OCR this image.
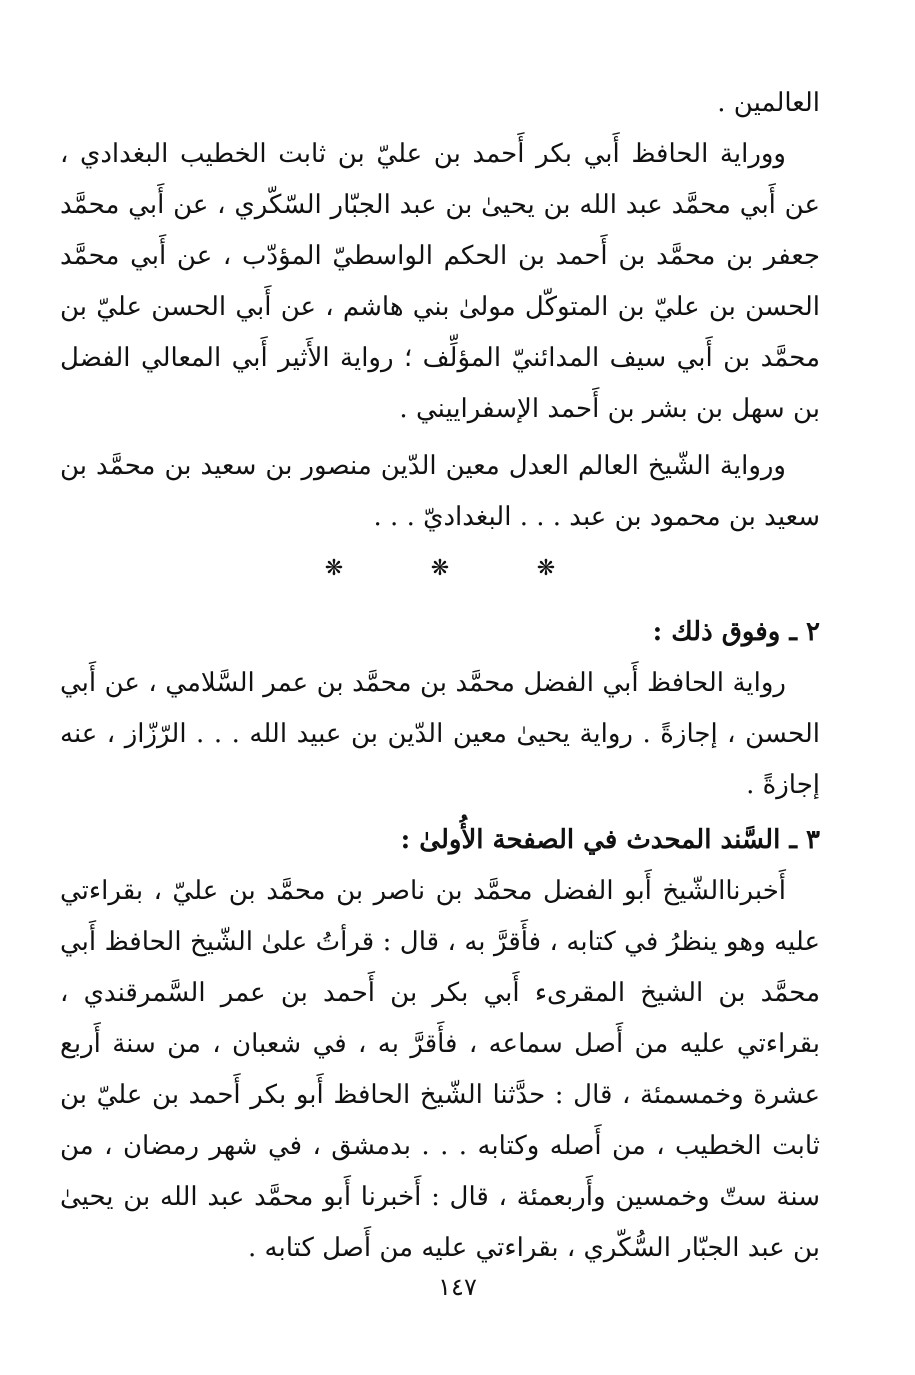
العالمين .

ووراية الحافظ أَبي بكر أَحمد بن عليّ بن ثابت الخطيب البغدادي ، عن أَبي محمَّد عبد الله بن يحيىٰ بن عبد الجبّار السّكّري ، عن أَبي محمَّد جعفر بن محمَّد بن أَحمد بن الحكم الواسطيّ المؤدّب ، عن أَبي محمَّد الحسن بن عليّ بن المتوكّل مولىٰ بني هاشم ، عن أَبي الحسن عليّ بن محمَّد بن أَبي سيف المدائنيّ المؤلِّف ؛ رواية الأَثير أَبي المعالي الفضل بن سهل بن بشر بن أَحمد الإسفراييني .

ورواية الشّيخ العالم العدل معين الدّين منصور بن سعيد بن محمَّد بن سعيد بن محمود بن عبد . . . البغداديّ . . .

❋	❋	❋

٢ ـ وفوق ذلك :

رواية الحافظ أَبي الفضل محمَّد بن محمَّد بن عمر السَّلامي ، عن أَبي الحسن ، إجازةً . رواية يحيىٰ معين الدّين بن عبيد الله . . . الرّزّاز ، عنه إجازةً .

٣ ـ السَّند المحدث في الصفحة الأُولىٰ :

أَخبرناالشّيخ أَبو الفضل محمَّد بن ناصر بن محمَّد بن عليّ ، بقراءتي عليه وهو ينظرُ في كتابه ، فأَقرَّ به ، قال : قرأتُ علىٰ الشّيخ الحافظ أَبي محمَّد بن الشيخ المقرىء أَبي بكر بن أَحمد بن عمر السَّمرقندي ، بقراءتي عليه من أَصل سماعه ، فأَقرَّ به ، في شعبان ، من سنة أَربع عشرة وخمسمئة ، قال : حدَّثنا الشّيخ الحافظ أَبو بكر أَحمد بن عليّ بن ثابت الخطيب ، من أَصله وكتابه . . . بدمشق ، في شهر رمضان ، من سنة ستّ وخمسين وأَربعمئة ، قال : أَخبرنا أَبو محمَّد عبد الله بن يحيىٰ بن عبد الجبّار السُّكّري ، بقراءتي عليه من أَصل كتابه .

١٤٧
